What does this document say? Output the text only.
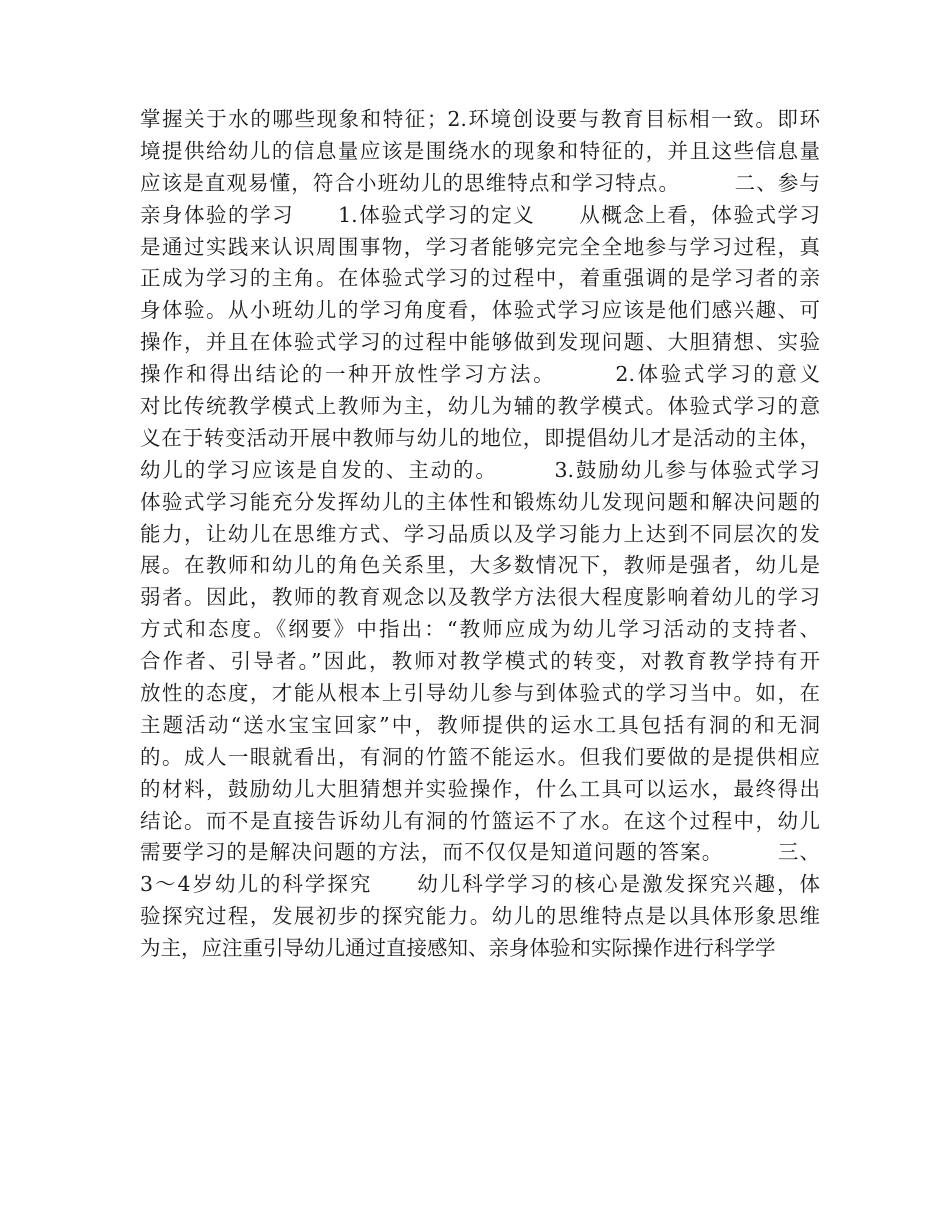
掌握关于水的哪些现象和特征；2.环境创设要与教育目标相一致。即环
境提供给幼儿的信息量应该是围绕水的现象和特征的，并且这些信息量
应该是直观易懂，符合小班幼儿的思维特点和学习特点。　　　二、参与
亲身体验的学习　　1.体验式学习的定义　　从概念上看，体验式学习
是通过实践来认识周围事物，学习者能够完完全全地参与学习过程，真
正成为学习的主角。在体验式学习的过程中，着重强调的是学习者的亲
身体验。从小班幼儿的学习角度看，体验式学习应该是他们感兴趣、可
操作，并且在体验式学习的过程中能够做到发现问题、大胆猜想、实验
操作和得出结论的一种开放性学习方法。　　　2.体验式学习的意义
对比传统教学模式上教师为主，幼儿为辅的教学模式。体验式学习的意
义在于转变活动开展中教师与幼儿的地位，即提倡幼儿才是活动的主体，
幼儿的学习应该是自发的、主动的。　　　3.鼓励幼儿参与体验式学习
体验式学习能充分发挥幼儿的主体性和锻炼幼儿发现问题和解决问题的
能力，让幼儿在思维方式、学习品质以及学习能力上达到不同层次的发
展。在教师和幼儿的角色关系里，大多数情况下，教师是强者，幼儿是
弱者。因此，教师的教育观念以及教学方法很大程度影响着幼儿的学习
方式和态度。《纲要》中指出：“教师应成为幼儿学习活动的支持者、
合作者、引导者。”因此，教师对教学模式的转变，对教育教学持有开
放性的态度，才能从根本上引导幼儿参与到体验式的学习当中。如，在
主题活动“送水宝宝回家”中，教师提供的运水工具包括有洞的和无洞
的。成人一眼就看出，有洞的竹篮不能运水。但我们要做的是提供相应
的材料，鼓励幼儿大胆猜想并实验操作，什么工具可以运水，最终得出
结论。而不是直接告诉幼儿有洞的竹篮运不了水。在这个过程中，幼儿
需要学习的是解决问题的方法，而不仅仅是知道问题的答案。　　　三、
3～4岁幼儿的科学探究　　幼儿科学学习的核心是激发探究兴趣，体
验探究过程，发展初步的探究能力。幼儿的思维特点是以具体形象思维
为主，应注重引导幼儿通过直接感知、亲身体验和实际操作进行科学学
